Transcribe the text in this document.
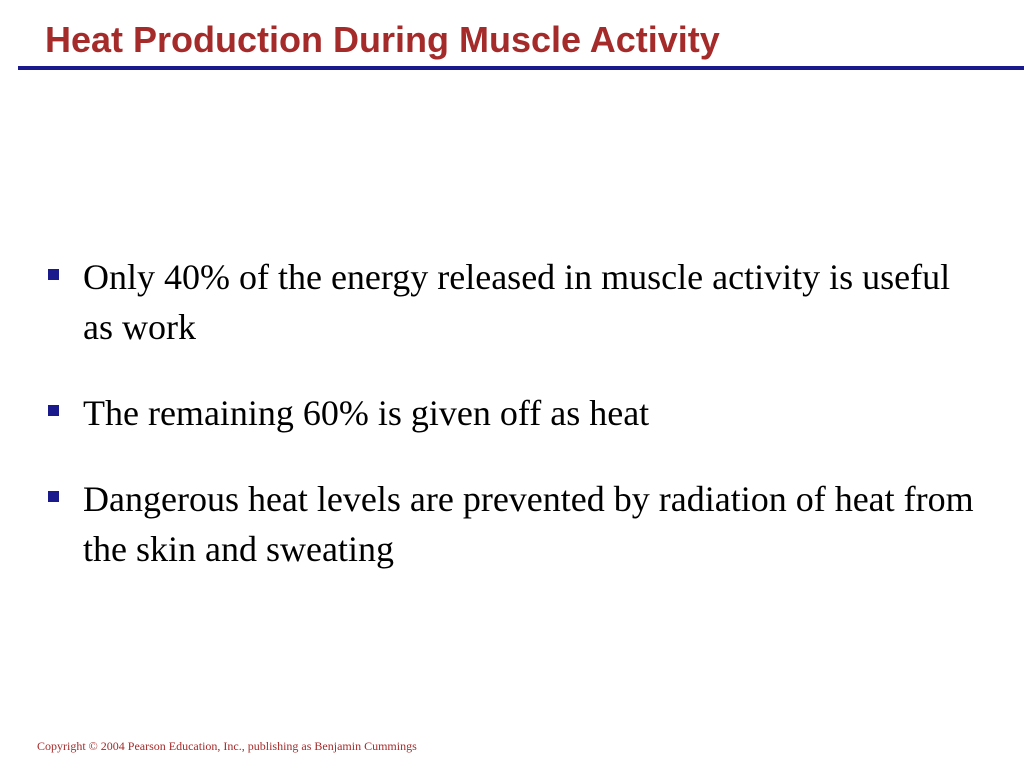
Heat Production During Muscle Activity
Only 40% of the energy released in muscle activity is useful as work
The remaining 60% is given off as heat
Dangerous heat levels are prevented by radiation of heat from the skin and sweating
Copyright © 2004 Pearson Education, Inc., publishing as Benjamin Cummings
